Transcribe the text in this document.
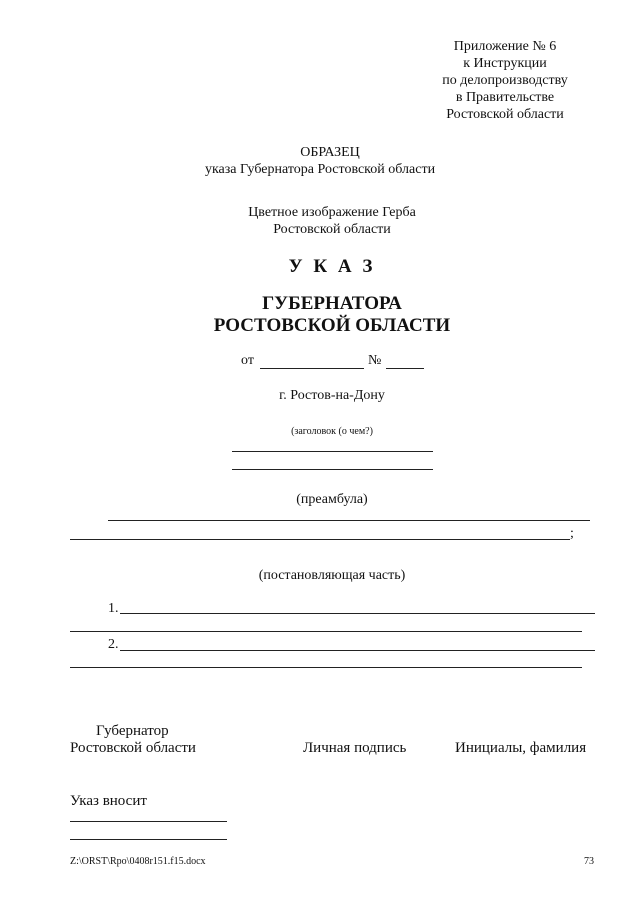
Приложение № 6
к Инструкции
по делопроизводству
в Правительстве
Ростовской области
ОБРАЗЕЦ
указа Губернатора Ростовской области
Цветное изображение Герба
Ростовской области
У К А З
ГУБЕРНАТОРА
РОСТОВСКОЙ ОБЛАСТИ
от	№
г. Ростов-на-Дону
(заголовок (о чем?)
(преамбула)
;
(постановляющая часть)
1.
2.
Губернатор
Ростовской области	Личная подпись	Инициалы, фамилия
Указ вносит
Z:\ORST\Rpo\0408r151.f15.docx	73
